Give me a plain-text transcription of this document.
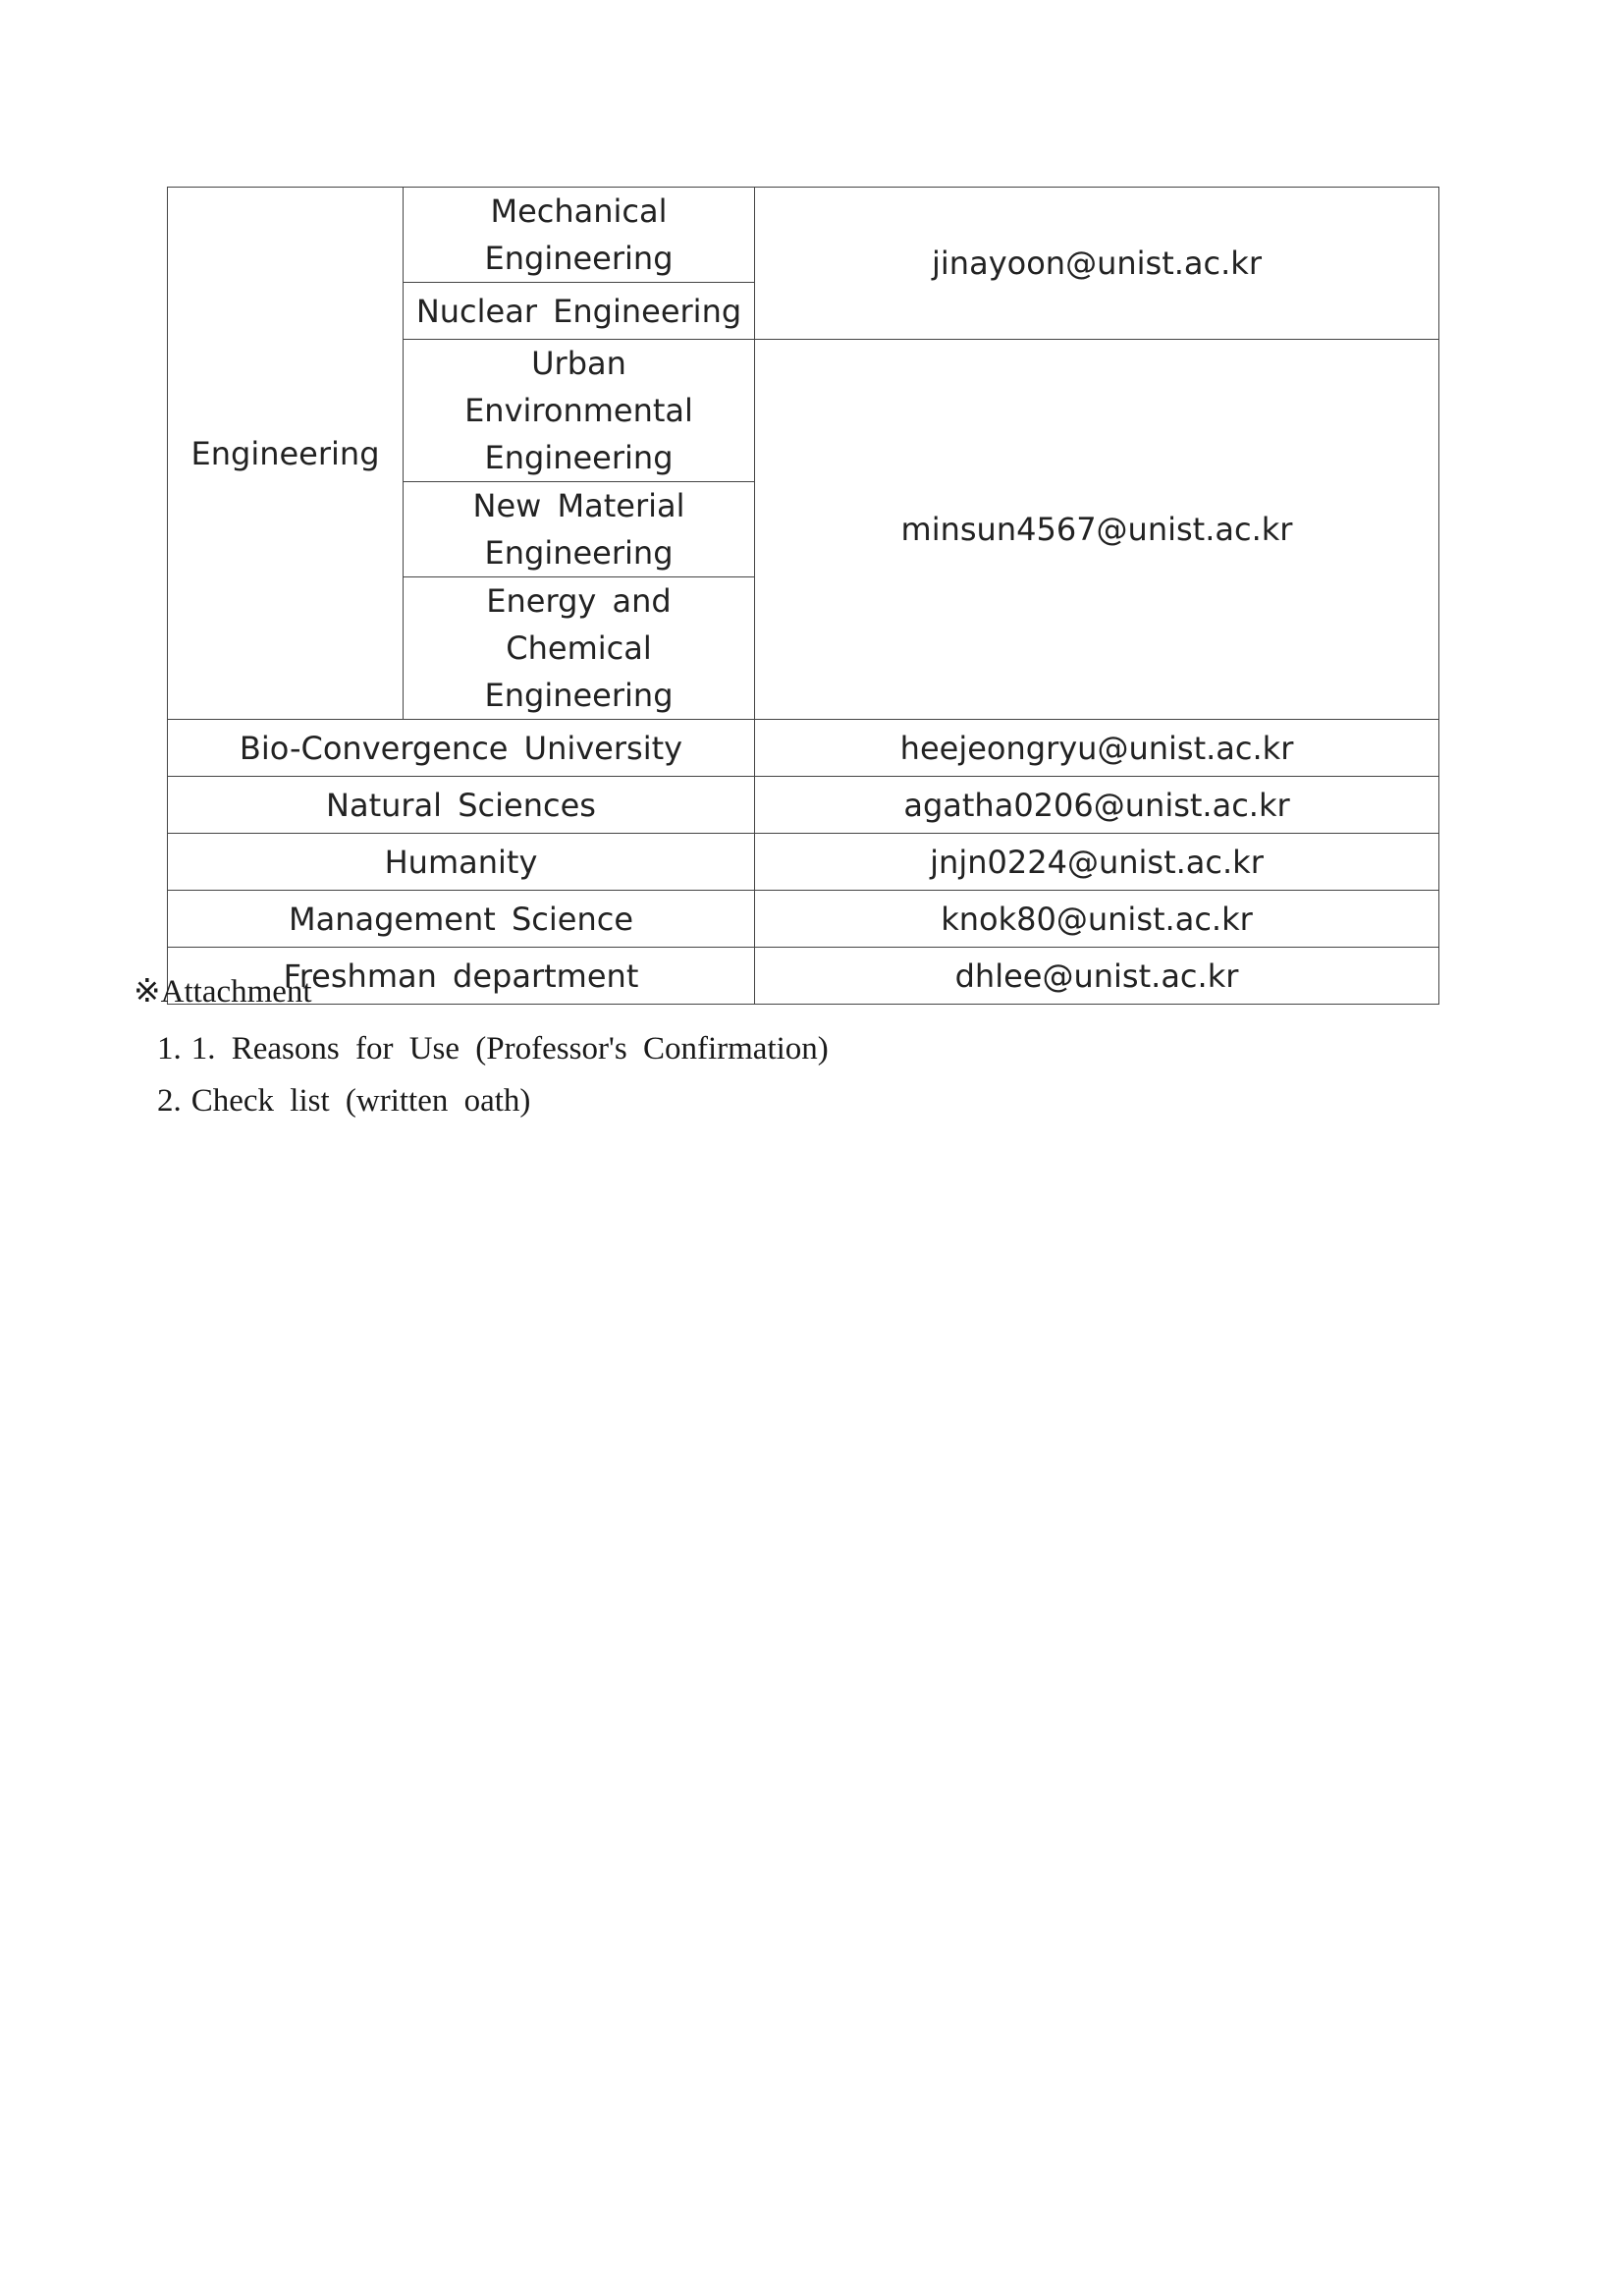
Engineering	Mechanical Engineering	jinayoon@unist.ac.kr
	Nuclear Engineering	
	Urban Environmental Engineering	minsun4567@unist.ac.kr
	New Material Engineering	
	Energy and Chemical Engineering	
Bio-Convergence University		heejeongryu@unist.ac.kr
Natural Sciences		agatha0206@unist.ac.kr
Humanity		jnjn0224@unist.ac.kr
Management Science		knok80@unist.ac.kr
Freshman department		dhlee@unist.ac.kr

※Attachment

1. 1. Reasons for Use (Professor's Confirmation)
2. Check list (written oath)
